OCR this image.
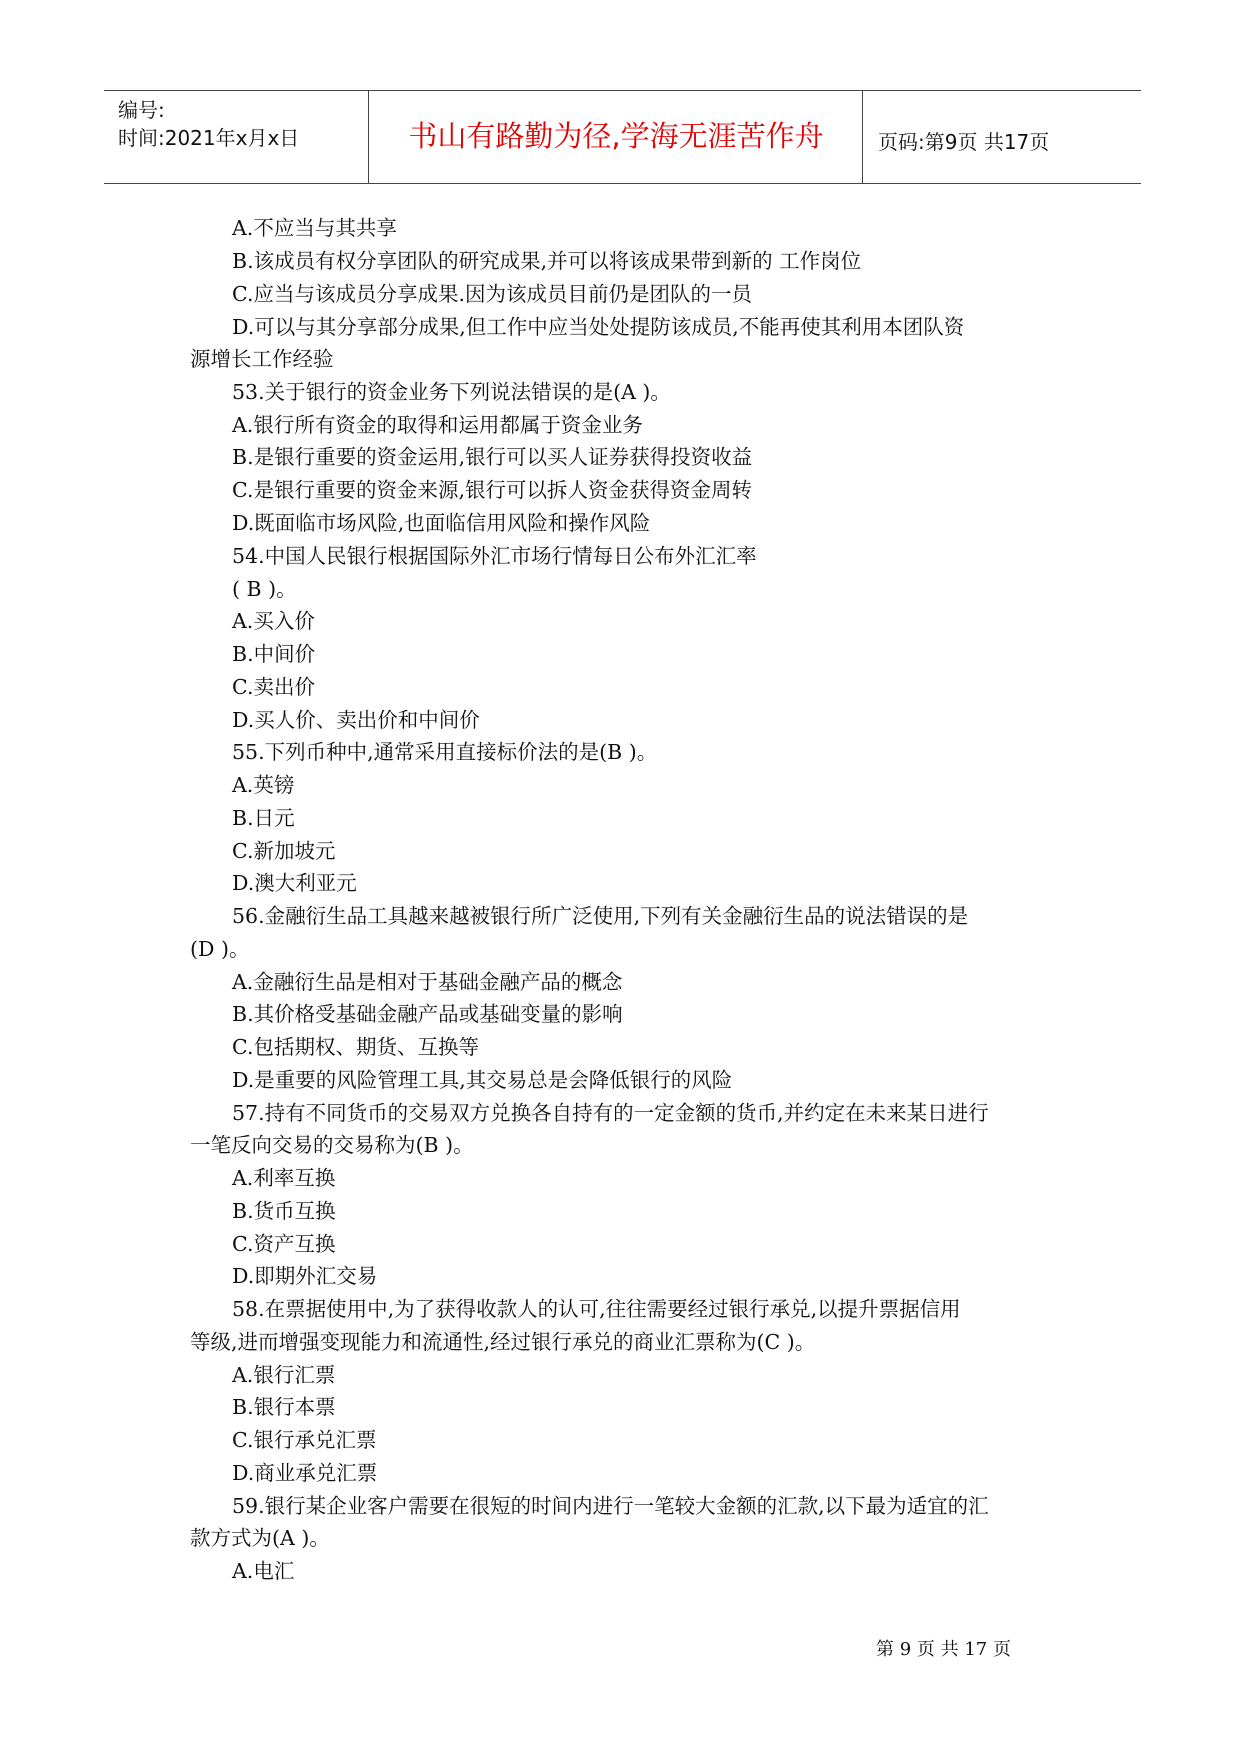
编号:
时间:2021年x月x日	书山有路勤为径,学海无涯苦作舟	页码:第9页 共17页
A.不应当与其共享
B.该成员有权分享团队的研究成果,并可以将该成果带到新的 工作岗位
C.应当与该成员分享成果.因为该成员目前仍是团队的一员
D.可以与其分享部分成果,但工作中应当处处提防该成员,不能再使其利用本团队资
源增长工作经验
53.关于银行的资金业务下列说法错误的是(A )。
A.银行所有资金的取得和运用都属于资金业务
B.是银行重要的资金运用,银行可以买人证券获得投资收益
C.是银行重要的资金来源,银行可以拆人资金获得资金周转
D.既面临市场风险,也面临信用风险和操作风险
54.中国人民银行根据国际外汇市场行情每日公布外汇汇率
( B )。
A.买入价
B.中间价
C.卖出价
D.买人价、卖出价和中间价
55.下列币种中,通常采用直接标价法的是(B )。
A.英镑
B.日元
C.新加坡元
D.澳大利亚元
56.金融衍生品工具越来越被银行所广泛使用,下列有关金融衍生品的说法错误的是
(D )。
A.金融衍生品是相对于基础金融产品的概念
B.其价格受基础金融产品或基础变量的影响
C.包括期权、期货、互换等
D.是重要的风险管理工具,其交易总是会降低银行的风险
57.持有不同货币的交易双方兑换各自持有的一定金额的货币,并约定在未来某日进行
一笔反向交易的交易称为(B )。
A.利率互换
B.货币互换
C.资产互换
D.即期外汇交易
58.在票据使用中,为了获得收款人的认可,往往需要经过银行承兑,以提升票据信用
等级,进而增强变现能力和流通性,经过银行承兑的商业汇票称为(C )。
A.银行汇票
B.银行本票
C.银行承兑汇票
D.商业承兑汇票
59.银行某企业客户需要在很短的时间内进行一笔较大金额的汇款,以下最为适宜的汇
款方式为(A )。
A.电汇
第 9 页 共 17 页
